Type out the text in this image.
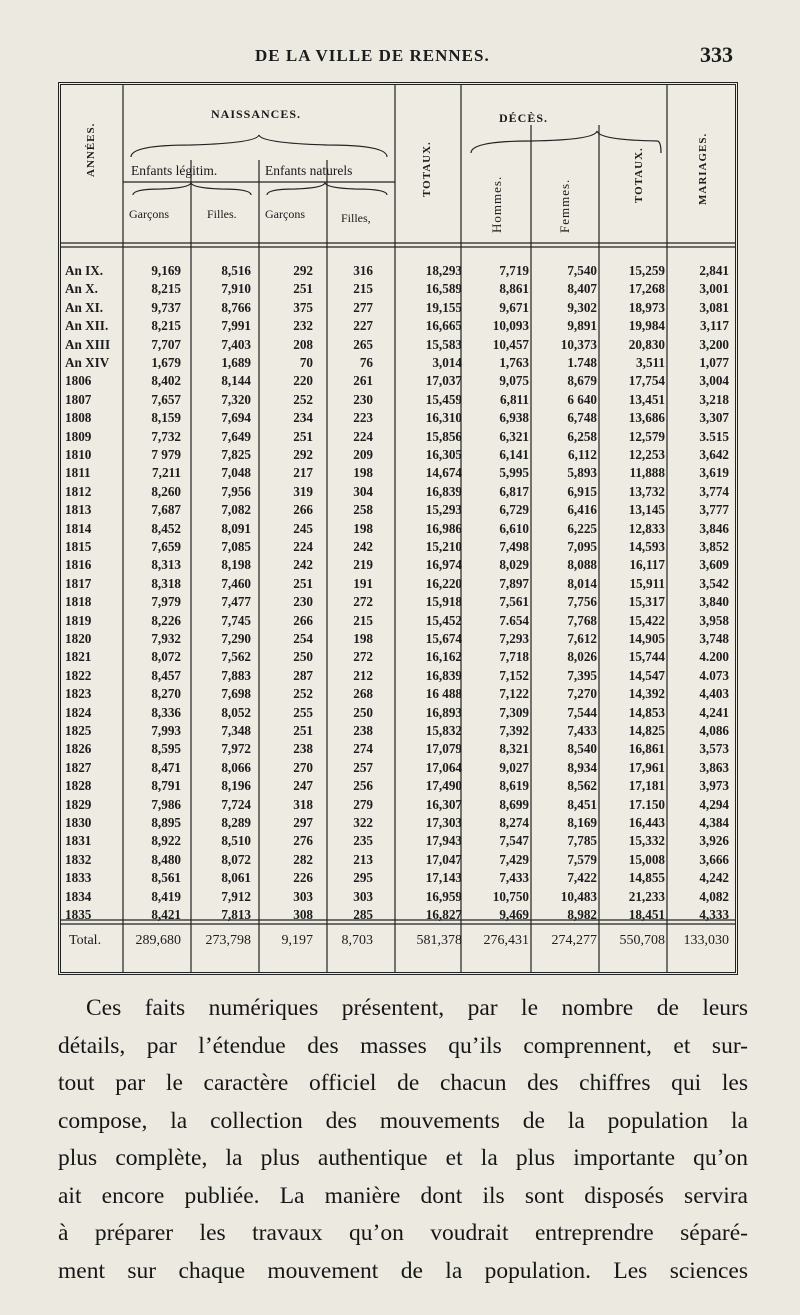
DE LA VILLE DE RENNES.	333
ANNÉES.
NAISSANCES.
Enfants légitim.	Enfants naturels
Garçons	Filles. Garçons	Filles,
TOTAUX.
DÉCÈS.
Hommes.	Femmes.
TOTAUX.	MARIAGES.
An IX.	9,169	8,516	292	316	18,293	7,719	7,540	15,259	2,841
An X.	8,215	7,910	251	215	16,589	8,861	8,407	17,268	3,001
An XI.	9,737	8,766	375	277	19,155	9,671	9,302	18,973	3,081
An XII.	8,215	7,991	232	227	16,665	10,093	9,891	19,984	3,117
An XIII	7,707	7,403	208	265	15,583	10,457	10,373	20,830	3,200
An XIV	1,679	1,689	70	76	3,014	1,763	1.748	3,511	1,077
1806	8,402	8,144	220	261	17,037	9,075	8,679	17,754	3,004
1807	7,657	7,320	252	230	15,459	6,811	6 640	13,451	3,218
1808	8,159	7,694	234	223	16,310	6,938	6,748	13,686	3,307
1809	7,732	7,649	251	224	15,856	6,321	6,258	12,579	3.515
1810	7 979	7,825	292	209	16,305	6,141	6,112	12,253	3,642
1811	7,211	7,048	217	198	14,674	5,995	5,893	11,888	3,619
1812	8,260	7,956	319	304	16,839	6,817	6,915	13,732	3,774
1813	7,687	7,082	266	258	15,293	6,729	6,416	13,145	3,777
1814	8,452	8,091	245	198	16,986	6,610	6,225	12,833	3,846
1815	7,659	7,085	224	242	15,210	7,498	7,095	14,593	3,852
1816	8,313	8,198	242	219	16,974	8,029	8,088	16,117	3,609
1817	8,318	7,460	251	191	16,220	7,897	8,014	15,911	3,542
1818	7,979	7,477	230	272	15,918	7,561	7,756	15,317	3,840
1819	8,226	7,745	266	215	15,452	7.654	7,768	15,422	3,958
1820	7,932	7,290	254	198	15,674	7,293	7,612	14,905	3,748
1821	8,072	7,562	250	272	16,162	7,718	8,026	15,744	4.200
1822	8,457	7,883	287	212	16,839	7,152	7,395	14,547	4.073
1823	8,270	7,698	252	268	16 488	7,122	7,270	14,392	4,403
1824	8,336	8,052	255	250	16,893	7,309	7,544	14,853	4,241
1825	7,993	7,348	251	238	15,832	7,392	7,433	14,825	4,086
1826	8,595	7,972	238	274	17,079	8,321	8,540	16,861	3,573
1827	8,471	8,066	270	257	17,064	9,027	8,934	17,961	3,863
1828	8,791	8,196	247	256	17,490	8,619	8,562	17,181	3,973
1829	7,986	7,724	318	279	16,307	8,699	8,451	17.150	4,294
1830	8,895	8,289	297	322	17,303	8,274	8,169	16,443	4,384
1831	8,922	8,510	276	235	17,943	7,547	7,785	15,332	3,926
1832	8,480	8,072	282	213	17,047	7,429	7,579	15,008	3,666
1833	8,561	8,061	226	295	17,143	7,433	7,422	14,855	4,242
1834	8,419	7,912	303	303	16,959	10,750	10,483	21,233	4,082
1835	8,421	7,813	308	285	16,827	9,469	8,982	18,451	4,333
Total.	289,680	273,798	9,197	8,703	581,378	276,431	274,277	550,708	133,030
Ces faits numériques présentent, par le nombre de leurs
détails, par l’étendue des masses qu’ils comprennent, et sur-
tout par le caractère officiel de chacun des chiffres qui les
compose, la collection des mouvements de la population la
plus complète, la plus authentique et la plus importante qu’on
ait encore publiée. La manière dont ils sont disposés servira
à préparer les travaux qu’on voudrait entreprendre séparé-
ment sur chaque mouvement de la population. Les sciences
